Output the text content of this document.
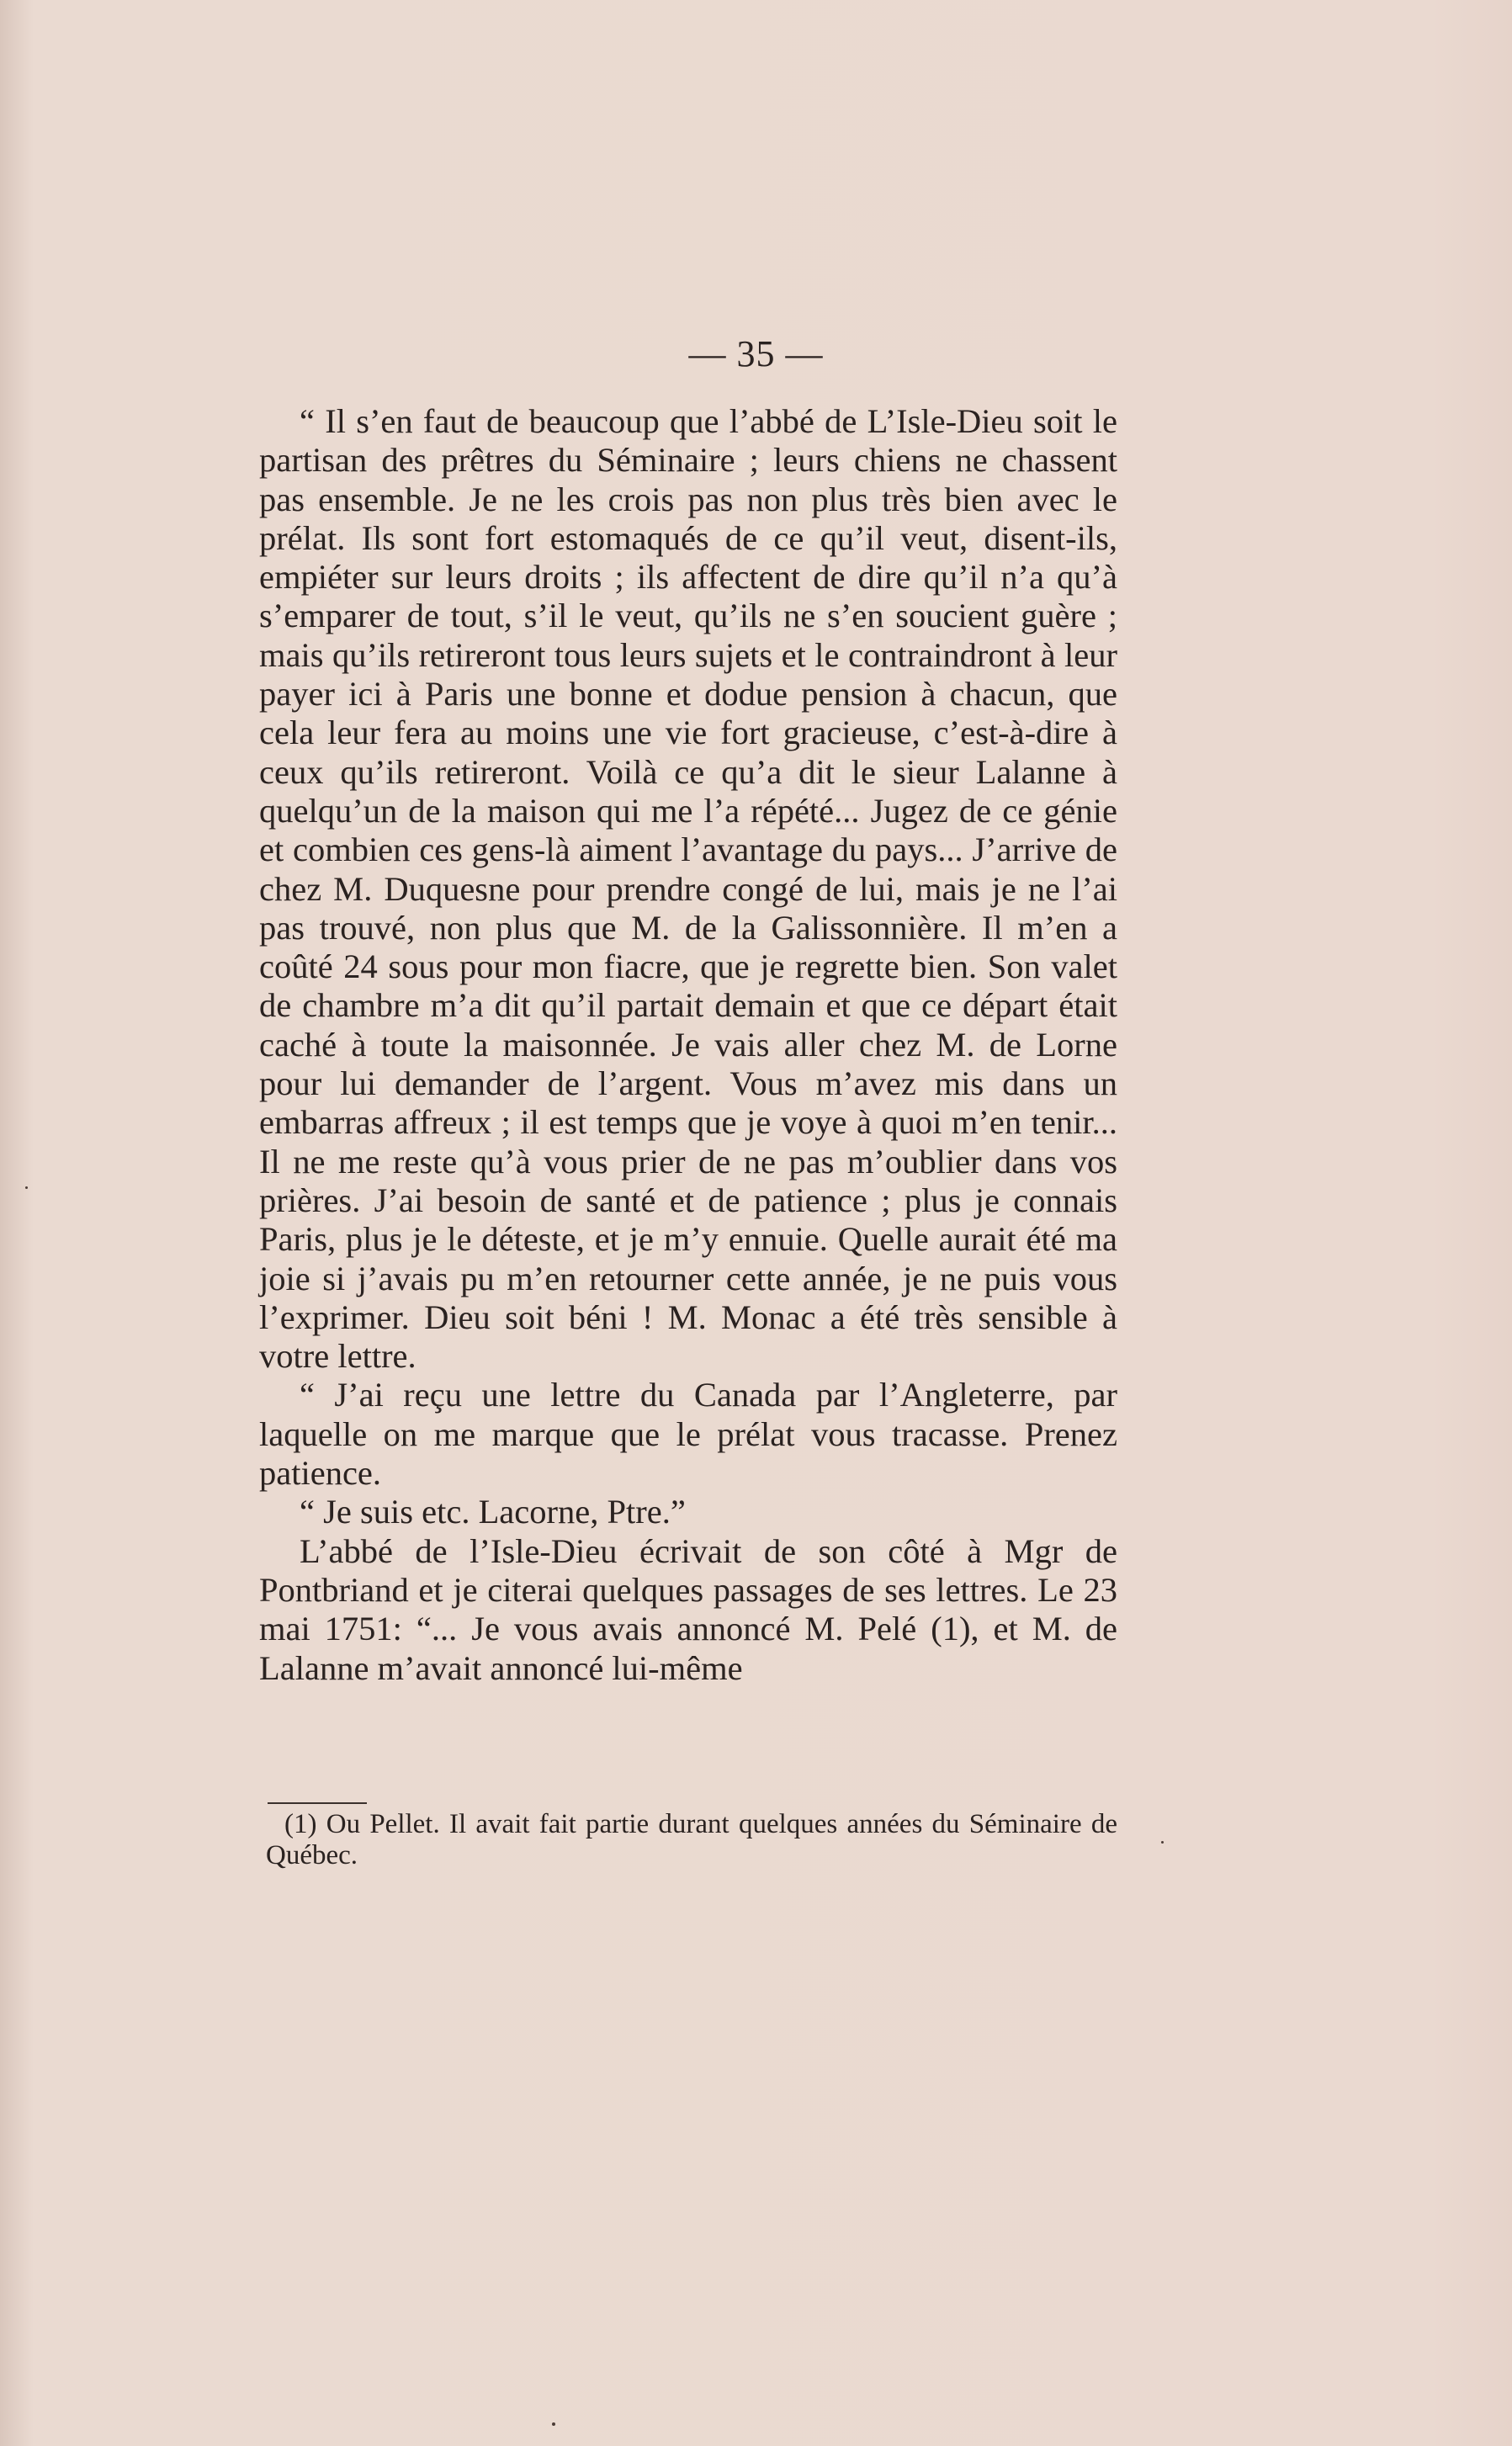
— 35 —

“ Il s’en faut de beaucoup que l’abbé de L’Isle-Dieu soit le partisan des prêtres du Séminaire ; leurs chiens ne chassent pas ensemble. Je ne les crois pas non plus très bien avec le prélat. Ils sont fort estomaqués de ce qu’il veut, disent-ils, empiéter sur leurs droits ; ils affectent de dire qu’il n’a qu’à s’emparer de tout, s’il le veut, qu’ils ne s’en soucient guère ; mais qu’ils retireront tous leurs sujets et le contraindront à leur payer ici à Paris une bonne et dodue pension à chacun, que cela leur fera au moins une vie fort gracieuse, c’est-à-dire à ceux qu’ils retireront. Voilà ce qu’a dit le sieur Lalanne à quelqu’un de la maison qui me l’a répété... Jugez de ce génie et combien ces gens-là aiment l’avantage du pays... J’arrive de chez M. Duquesne pour prendre congé de lui, mais je ne l’ai pas trouvé, non plus que M. de la Galissonnière. Il m’en a coûté 24 sous pour mon fiacre, que je regrette bien. Son valet de chambre m’a dit qu’il partait demain et que ce départ était caché à toute la maisonnée. Je vais aller chez M. de Lorne pour lui demander de l’argent. Vous m’avez mis dans un embarras affreux ; il est temps que je voye à quoi m’en tenir... Il ne me reste qu’à vous prier de ne pas m’oublier dans vos prières. J’ai besoin de santé et de patience ; plus je connais Paris, plus je le déteste, et je m’y ennuie. Quelle aurait été ma joie si j’avais pu m’en retourner cette année, je ne puis vous l’exprimer. Dieu soit béni ! M. Monac a été très sensible à votre lettre.

“ J’ai reçu une lettre du Canada par l’Angleterre, par laquelle on me marque que le prélat vous tracasse. Prenez patience.

“ Je suis etc. Lacorne, Ptre.”

L’abbé de l’Isle-Dieu écrivait de son côté à Mgr de Pontbriand et je citerai quelques passages de ses lettres. Le 23 mai 1751: “... Je vous avais annoncé M. Pelé (1), et M. de Lalanne m’avait annoncé lui-même

(1) Ou Pellet. Il avait fait partie durant quelques années du Séminaire de Québec.
